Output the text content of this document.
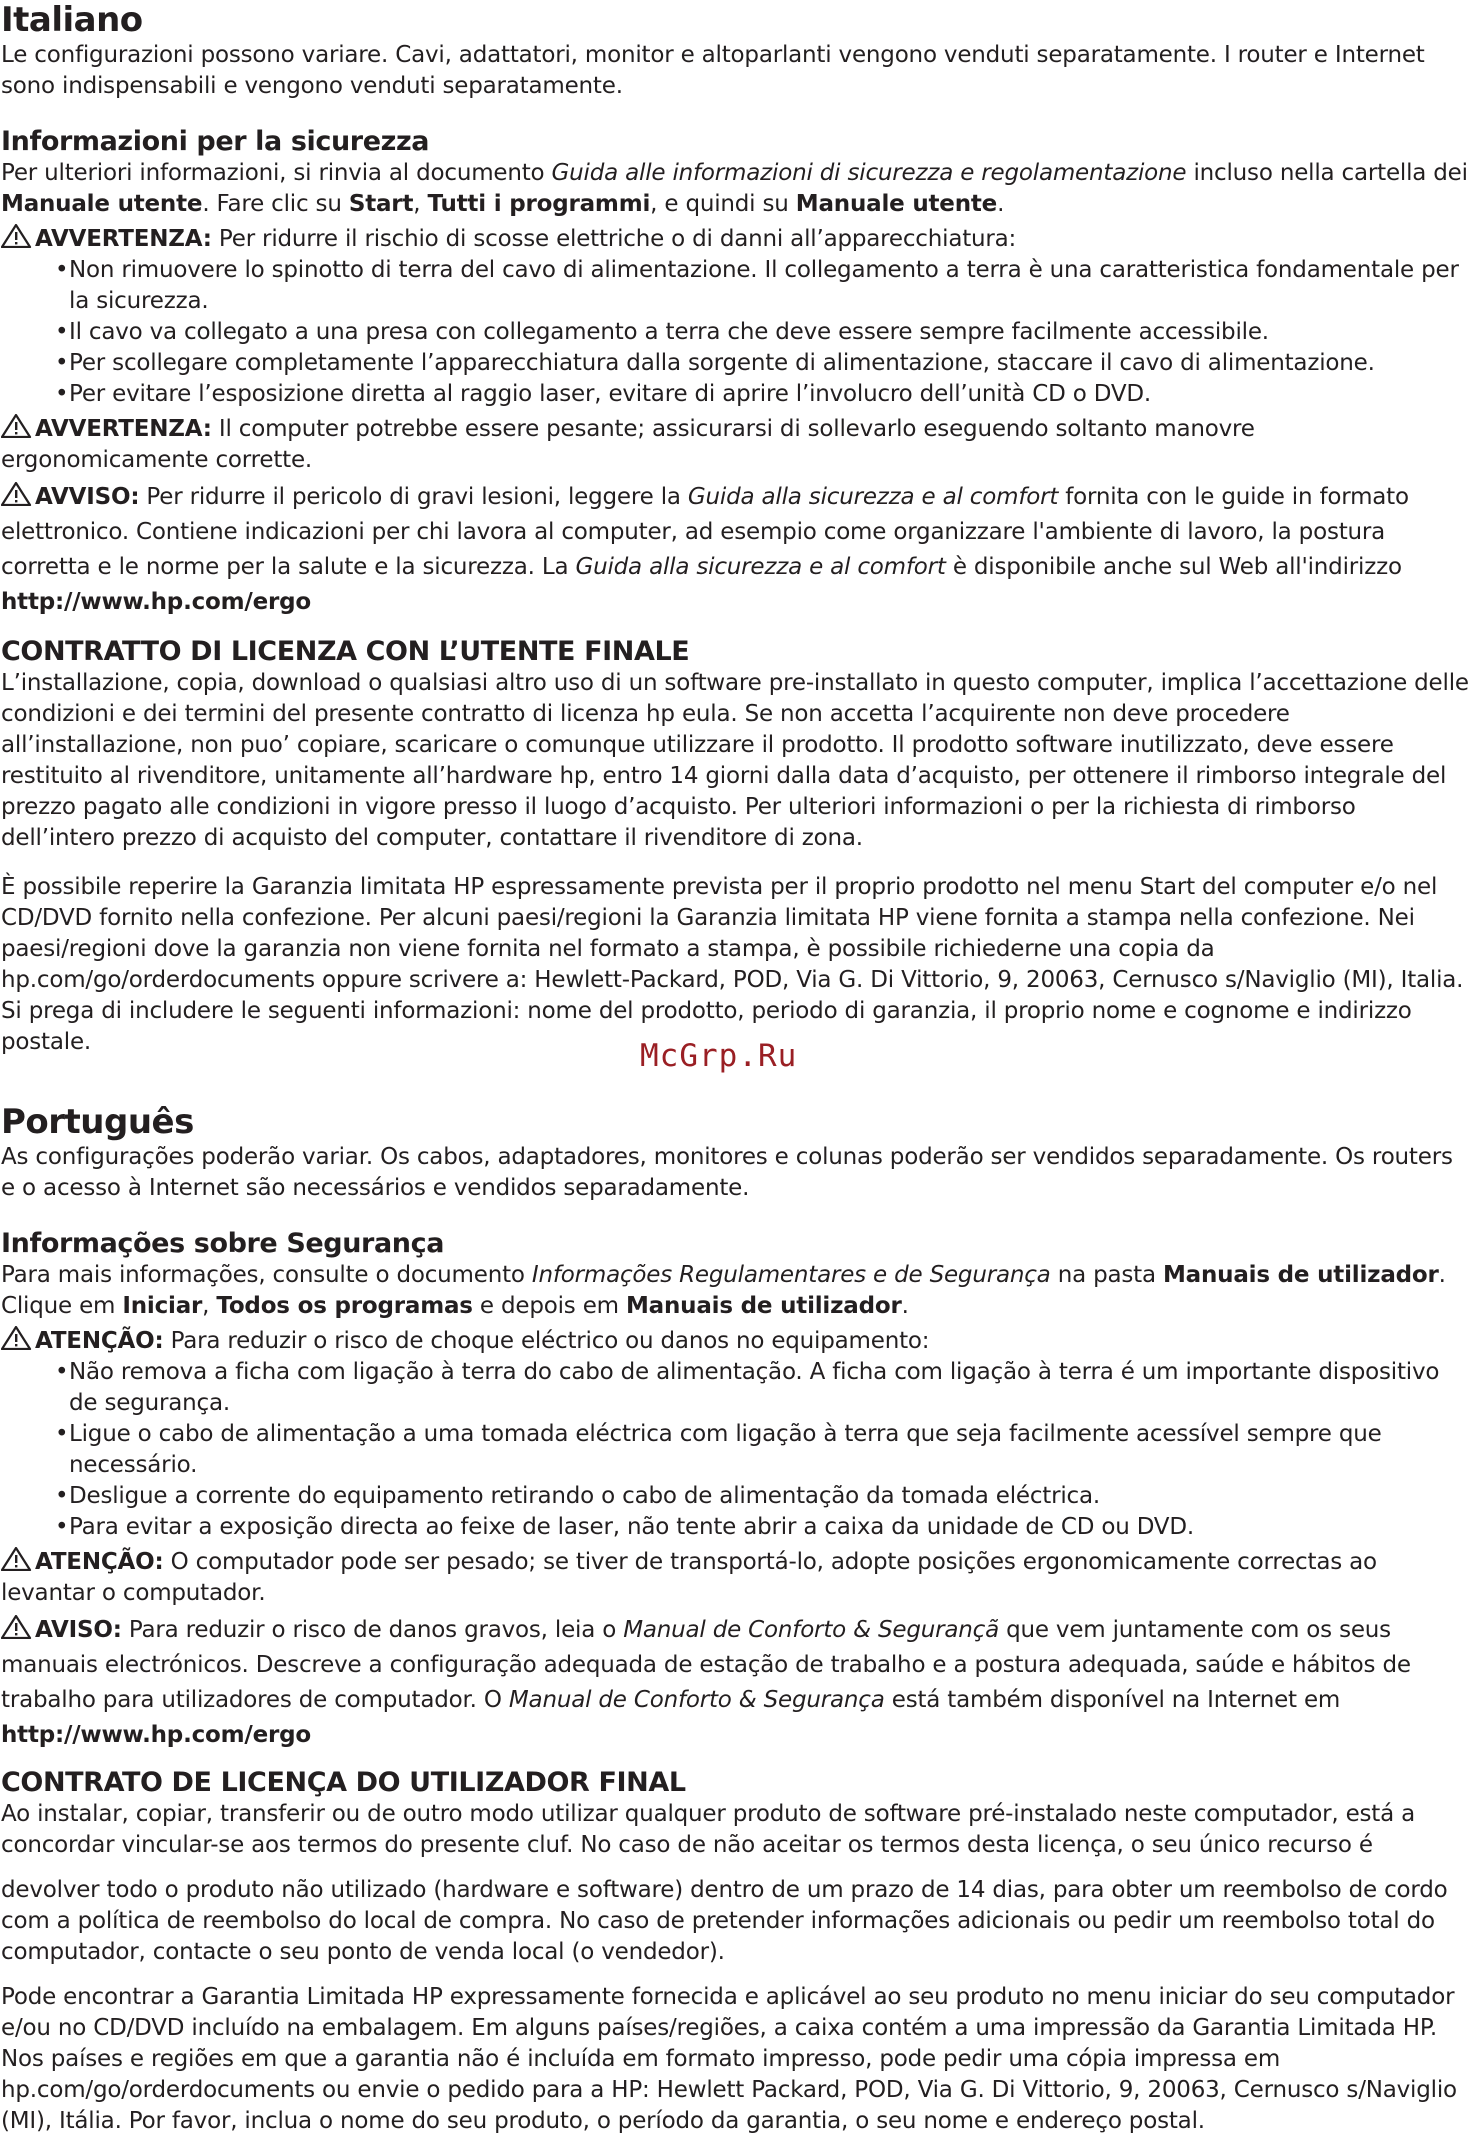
Italiano

Le configurazioni possono variare. Cavi, adattatori, monitor e altoparlanti vengono venduti separatamente. I router e Internet sono indispensabili e vengono venduti separatamente.

Informazioni per la sicurezza

Per ulteriori informazioni, si rinvia al documento Guida alle informazioni di sicurezza e regolamentazione incluso nella cartella dei Manuale utente. Fare clic su Start, Tutti i programmi, e quindi su Manuale utente.

AVVERTENZA: Per ridurre il rischio di scosse elettriche o di danni all’apparecchiatura:

• Non rimuovere lo spinotto di terra del cavo di alimentazione. Il collegamento a terra è una caratteristica fondamentale per la sicurezza.
• Il cavo va collegato a una presa con collegamento a terra che deve essere sempre facilmente accessibile.
• Per scollegare completamente l’apparecchiatura dalla sorgente di alimentazione, staccare il cavo di alimentazione.
• Per evitare l’esposizione diretta al raggio laser, evitare di aprire l’involucro dell’unità CD o DVD.

AVVERTENZA: Il computer potrebbe essere pesante; assicurarsi di sollevarlo eseguendo soltanto manovre ergonomicamente corrette.

AVVISO: Per ridurre il pericolo di gravi lesioni, leggere la Guida alla sicurezza e al comfort fornita con le guide in formato elettronico. Contiene indicazioni per chi lavora al computer, ad esempio come organizzare l'ambiente di lavoro, la postura corretta e le norme per la salute e la sicurezza. La Guida alla sicurezza e al comfort è disponibile anche sul Web all'indirizzo http://www.hp.com/ergo

CONTRATTO DI LICENZA CON L’UTENTE FINALE

L’installazione, copia, download o qualsiasi altro uso di un software pre-installato in questo computer, implica l’accettazione delle condizioni e dei termini del presente contratto di licenza hp eula. Se non accetta l’acquirente non deve procedere all’installazione, non puo’ copiare, scaricare o comunque utilizzare il prodotto. Il prodotto software inutilizzato, deve essere restituito al rivenditore, unitamente all’hardware hp, entro 14 giorni dalla data d’acquisto, per ottenere il rimborso integrale del prezzo pagato alle condizioni in vigore presso il luogo d’acquisto. Per ulteriori informazioni o per la richiesta di rimborso dell’intero prezzo di acquisto del computer, contattare il rivenditore di zona.

È possibile reperire la Garanzia limitata HP espressamente prevista per il proprio prodotto nel menu Start del computer e/o nel CD/DVD fornito nella confezione. Per alcuni paesi/regioni la Garanzia limitata HP viene fornita a stampa nella confezione. Nei paesi/regioni dove la garanzia non viene fornita nel formato a stampa, è possibile richiederne una copia da hp.com/go/orderdocuments oppure scrivere a: Hewlett-Packard, POD, Via G. Di Vittorio, 9, 20063, Cernusco s/Naviglio (MI), Italia. Si prega di includere le seguenti informazioni: nome del prodotto, periodo di garanzia, il proprio nome e cognome e indirizzo postale.

Português

As configurações poderão variar. Os cabos, adaptadores, monitores e colunas poderão ser vendidos separadamente. Os routers e o acesso à Internet são necessários e vendidos separadamente.

Informações sobre Segurança

Para mais informações, consulte o documento Informações Regulamentares e de Segurança na pasta Manuais de utilizador. Clique em Iniciar, Todos os programas e depois em Manuais de utilizador.

ATENÇÃO: Para reduzir o risco de choque eléctrico ou danos no equipamento:

• Não remova a ficha com ligação à terra do cabo de alimentação. A ficha com ligação à terra é um importante dispositivo de segurança.
• Ligue o cabo de alimentação a uma tomada eléctrica com ligação à terra que seja facilmente acessível sempre que necessário.
• Desligue a corrente do equipamento retirando o cabo de alimentação da tomada eléctrica.
• Para evitar a exposição directa ao feixe de laser, não tente abrir a caixa da unidade de CD ou DVD.

ATENÇÃO: O computador pode ser pesado; se tiver de transportá-lo, adopte posições ergonomicamente correctas ao levantar o computador.

AVISO: Para reduzir o risco de danos gravos, leia o Manual de Conforto & Segurançã que vem juntamente com os seus manuais electrónicos. Descreve a configuração adequada de estação de trabalho e a postura adequada, saúde e hábitos de trabalho para utilizadores de computador. O Manual de Conforto & Segurança está também disponível na Internet em http://www.hp.com/ergo

CONTRATO DE LICENÇA DO UTILIZADOR FINAL

Ao instalar, copiar, transferir ou de outro modo utilizar qualquer produto de software pré-instalado neste computador, está a concordar vincular-se aos termos do presente cluf. No caso de não aceitar os termos desta licença, o seu único recurso é

devolver todo o produto não utilizado (hardware e software) dentro de um prazo de 14 dias, para obter um reembolso de cordo com a política de reembolso do local de compra. No caso de pretender informações adicionais ou pedir um reembolso total do computador, contacte o seu ponto de venda local (o vendedor).

Pode encontrar a Garantia Limitada HP expressamente fornecida e aplicável ao seu produto no menu iniciar do seu computador e/ou no CD/DVD incluído na embalagem. Em alguns países/regiões, a caixa contém a uma impressão da Garantia Limitada HP. Nos países e regiões em que a garantia não é incluída em formato impresso, pode pedir uma cópia impressa em hp.com/go/orderdocuments ou envie o pedido para a HP: Hewlett Packard, POD, Via G. Di Vittorio, 9, 20063, Cernusco s/Naviglio (MI), Itália. Por favor, inclua o nome do seu produto, o período da garantia, o seu nome e endereço postal.

McGrp.Ru
